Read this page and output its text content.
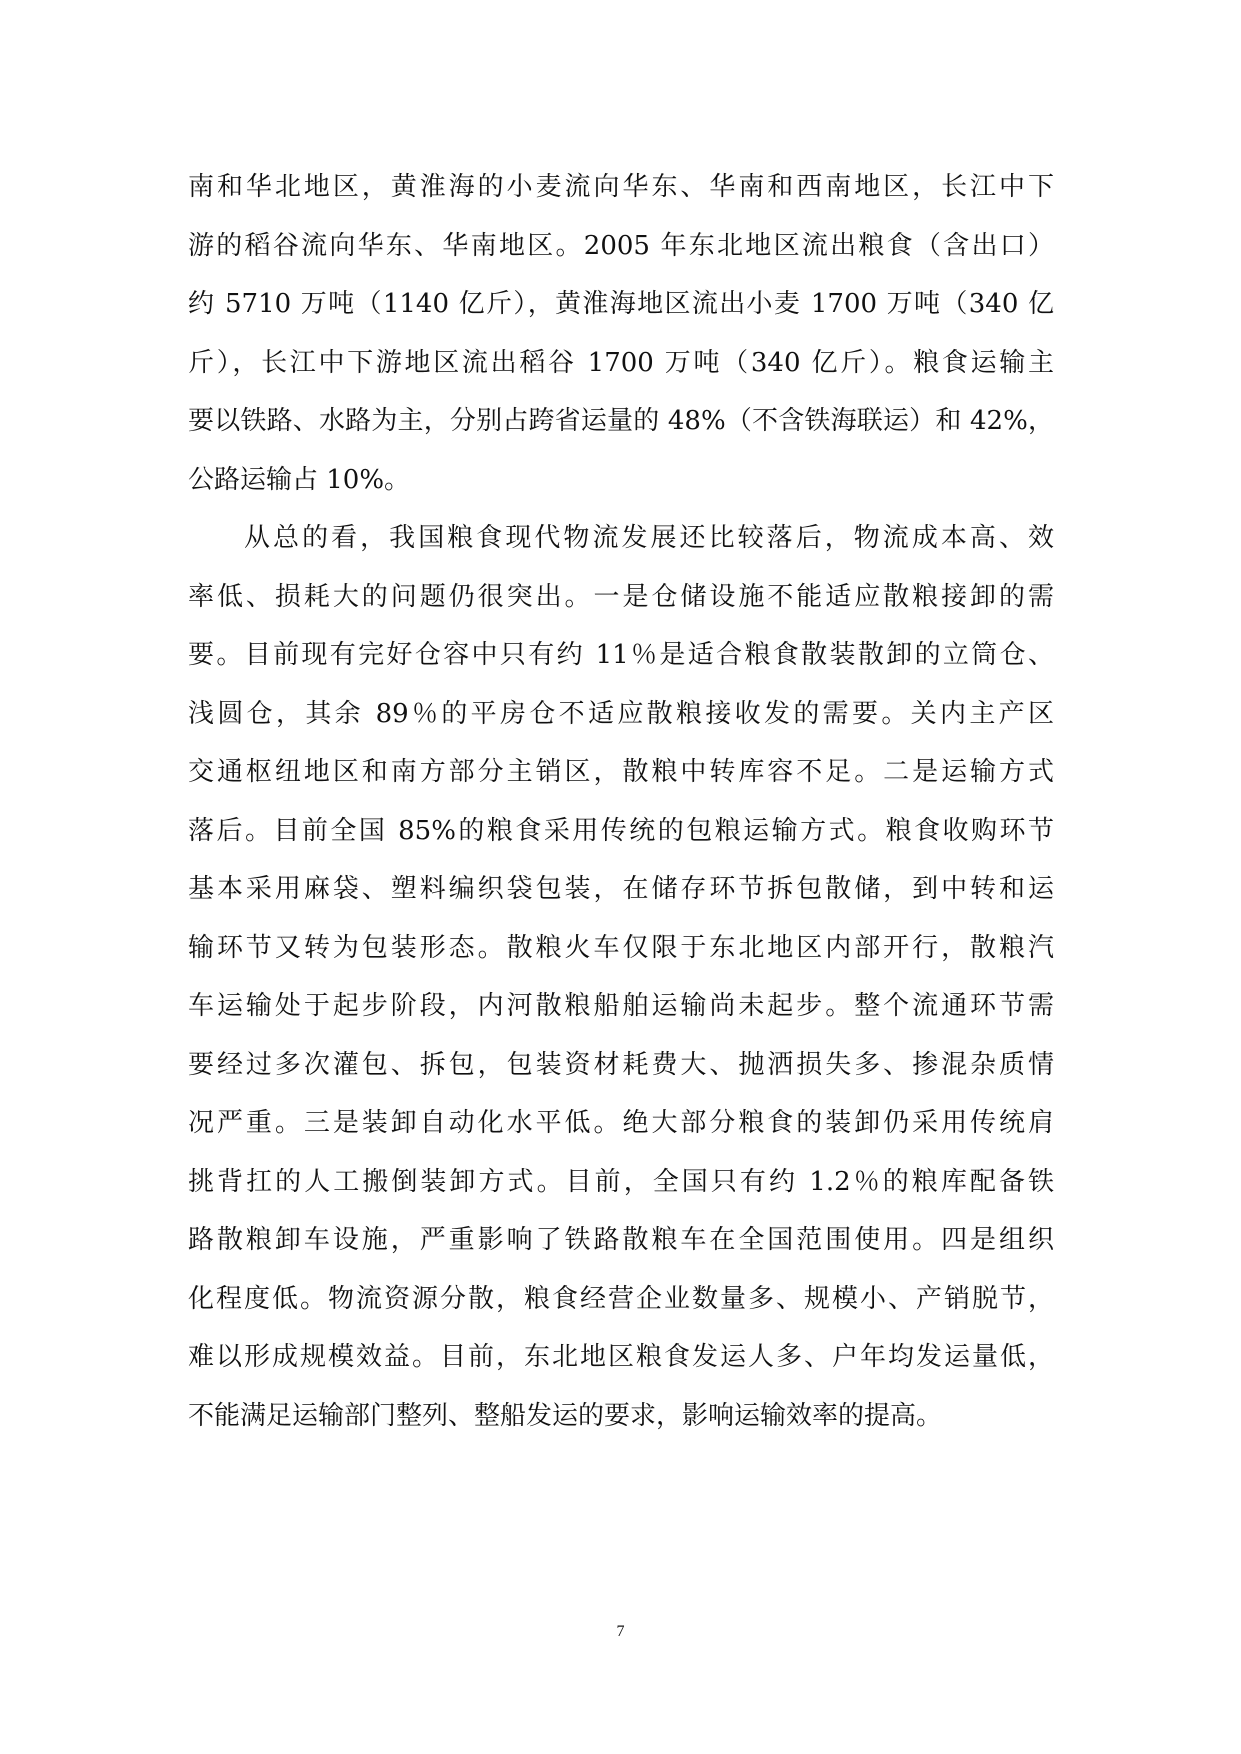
南和华北地区，黄淮海的小麦流向华东、华南和西南地区，长江中下
游的稻谷流向华东、华南地区。2005 年东北地区流出粮食（含出口）
约 5710 万吨（1140 亿斤），黄淮海地区流出小麦 1700 万吨（340 亿
斤），长江中下游地区流出稻谷 1700 万吨（340 亿斤）。粮食运输主
要以铁路、水路为主，分别占跨省运量的 48%（不含铁海联运）和 42%，
公路运输占 10%。
从总的看，我国粮食现代物流发展还比较落后，物流成本高、效
率低、损耗大的问题仍很突出。一是仓储设施不能适应散粮接卸的需
要。目前现有完好仓容中只有约 11％是适合粮食散装散卸的立筒仓、
浅圆仓，其余 89％的平房仓不适应散粮接收发的需要。关内主产区
交通枢纽地区和南方部分主销区，散粮中转库容不足。二是运输方式
落后。目前全国 85%的粮食采用传统的包粮运输方式。粮食收购环节
基本采用麻袋、塑料编织袋包装，在储存环节拆包散储，到中转和运
输环节又转为包装形态。散粮火车仅限于东北地区内部开行，散粮汽
车运输处于起步阶段，内河散粮船舶运输尚未起步。整个流通环节需
要经过多次灌包、拆包，包装资材耗费大、抛洒损失多、掺混杂质情
况严重。三是装卸自动化水平低。绝大部分粮食的装卸仍采用传统肩
挑背扛的人工搬倒装卸方式。目前，全国只有约 1.2％的粮库配备铁
路散粮卸车设施，严重影响了铁路散粮车在全国范围使用。四是组织
化程度低。物流资源分散，粮食经营企业数量多、规模小、产销脱节，
难以形成规模效益。目前，东北地区粮食发运人多、户年均发运量低，
不能满足运输部门整列、整船发运的要求，影响运输效率的提高。
7
